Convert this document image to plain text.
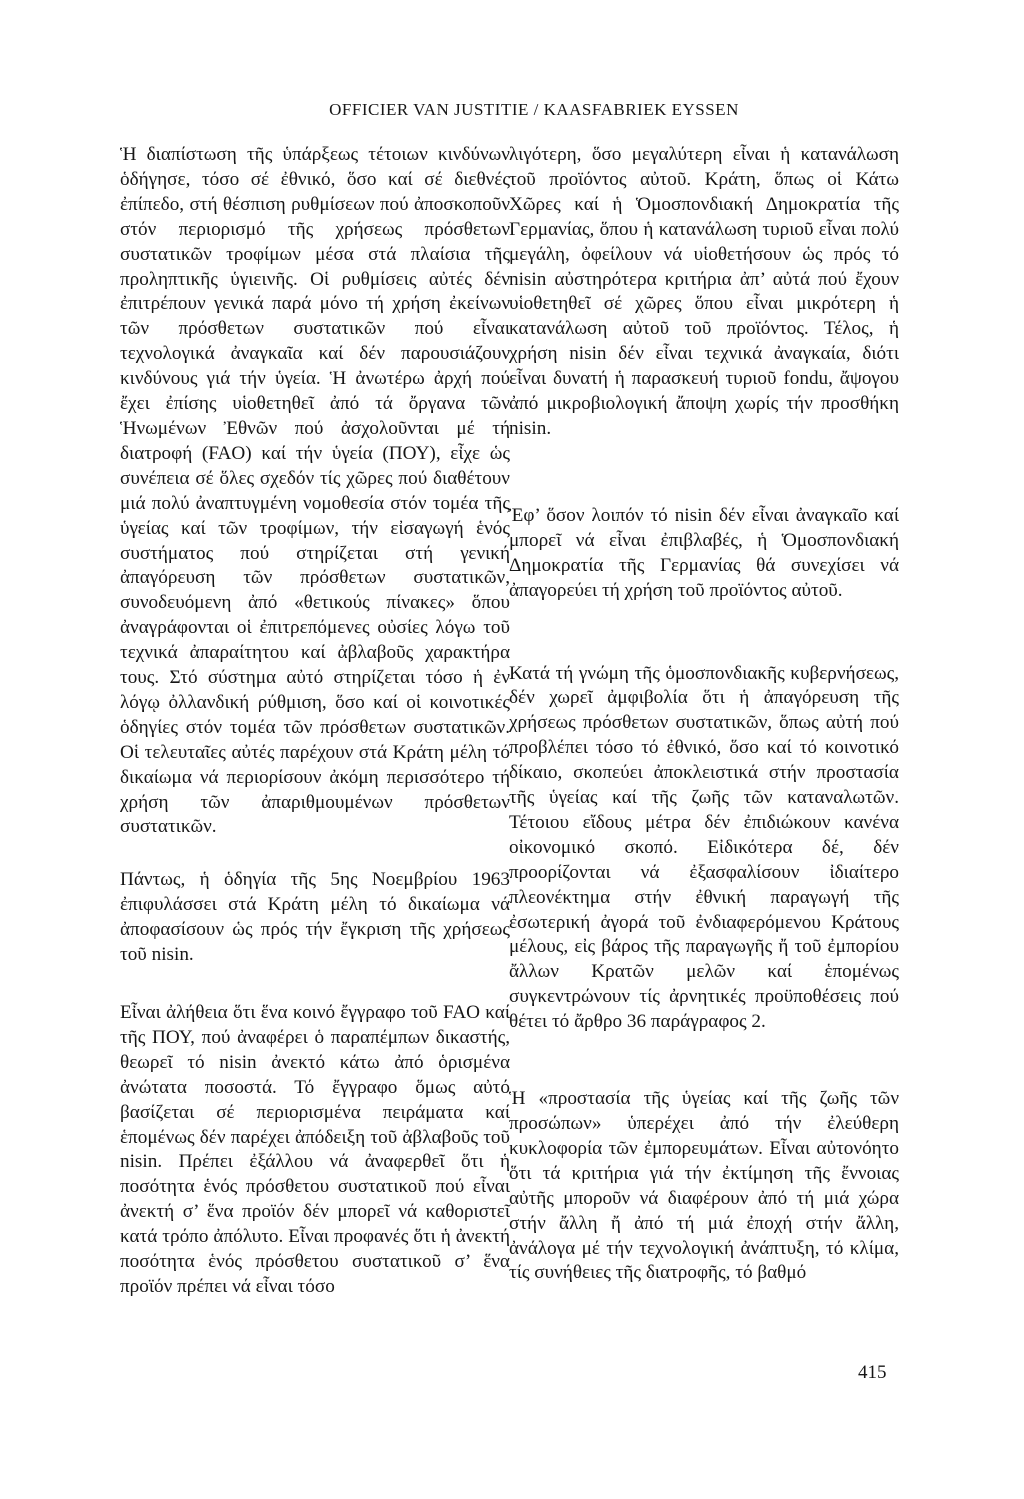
OFFICIER VAN JUSTITIE / KAASFABRIEK EYSSEN

Ἡ διαπίστωση τῆς ὑπάρξεως τέτοιων κινδύνων ὁδήγησε, τόσο σέ ἐθνικό, ὅσο καί σέ διεθνές ἐπίπεδο, στή θέσπιση ρυθμίσεων πού ἀποσκοποῦν στόν περιορισμό τῆς χρήσεως πρόσθετων συστατικῶν τροφίμων μέσα στά πλαίσια τῆς προληπτικῆς ὑγιεινῆς. Οἱ ρυθμίσεις αὐτές δέν ἐπιτρέπουν γενικά παρά μόνο τή χρήση ἐκείνων τῶν πρόσθετων συστατικῶν πού εἶναι τεχνολογικά ἀναγκαῖα καί δέν παρουσιάζουν κινδύνους γιά τήν ὑγεία. Ἡ ἀνωτέρω ἀρχή πού ἔχει ἐπίσης υἱοθετηθεῖ ἀπό τά ὄργανα τῶν Ἡνωμένων Ἐθνῶν πού ἀσχολοῦνται μέ τή διατροφή (FAO) καί τήν ὑγεία (ΠΟΥ), εἶχε ὡς συνέπεια σέ ὅλες σχεδόν τίς χῶρες πού διαθέτουν μιά πολύ ἀναπτυγμένη νομοθεσία στόν τομέα τῆς ὑγείας καί τῶν τροφίμων, τήν εἰσαγωγή ἑνός συστήματος πού στηρίζεται στή γενική ἀπαγόρευση τῶν πρόσθετων συστατικῶν, συνοδευόμενη ἀπό «θετικούς πίνακες» ὅπου ἀναγράφονται οἱ ἐπιτρεπόμενες οὐσίες λόγω τοῦ τεχνικά ἀπαραίτητου καί ἀβλαβοῦς χαρακτήρα τους. Στό σύστημα αὐτό στηρίζεται τόσο ἡ ἐν λόγῳ ὀλλανδική ρύθμιση, ὅσο καί οἱ κοινοτικές ὁδηγίες στόν τομέα τῶν πρόσθετων συστατικῶν. Οἱ τελευταῖες αὐτές παρέχουν στά Κράτη μέλη τό δικαίωμα νά περιορίσουν ἀκόμη περισσότερο τή χρήση τῶν ἀπαριθμουμένων πρόσθετων συστατικῶν.

Πάντως, ἡ ὁδηγία τῆς 5ης Νοεμβρίου 1963 ἐπιφυλάσσει στά Κράτη μέλη τό δικαίωμα νά ἀποφασίσουν ὡς πρός τήν ἔγκριση τῆς χρήσεως τοῦ nisin.

Εἶναι ἀλήθεια ὅτι ἕνα κοινό ἔγγραφο τοῦ FAO καί τῆς ΠΟΥ, πού ἀναφέρει ὁ παραπέμπων δικαστής, θεωρεῖ τό nisin ἀνεκτό κάτω ἀπό ὁρισμένα ἀνώτατα ποσοστά. Τό ἔγγραφο ὅμως αὐτό βασίζεται σέ περιορισμένα πειράματα καί ἑπομένως δέν παρέχει ἀπόδειξη τοῦ ἀβλαβοῦς τοῦ nisin. Πρέπει ἐξάλλου νά ἀναφερθεῖ ὅτι ἡ ποσότητα ἑνός πρόσθετου συστατικοῦ πού εἶναι ἀνεκτή σ’ ἕνα προϊόν δέν μπορεῖ νά καθοριστεῖ κατά τρόπο ἀπόλυτο. Εἶναι προφανές ὅτι ἡ ἀνεκτή ποσότητα ἑνός πρόσθετου συστατικοῦ σ’ ἕνα προϊόν πρέπει νά εἶναι τόσο

λιγότερη, ὅσο μεγαλύτερη εἶναι ἡ κατανάλωση τοῦ προϊόντος αὐτοῦ. Κράτη, ὅπως οἱ Κάτω Χῶρες καί ἡ Ὁμοσπονδιακή Δημοκρατία τῆς Γερμανίας, ὅπου ἡ κατανάλωση τυριοῦ εἶναι πολύ μεγάλη, ὀφείλουν νά υἱοθετήσουν ὡς πρός τό nisin αὐστηρότερα κριτήρια ἀπ’ αὐτά πού ἔχουν υἱοθετηθεῖ σέ χῶρες ὅπου εἶναι μικρότερη ἡ κατανάλωση αὐτοῦ τοῦ προϊόντος. Τέλος, ἡ χρήση nisin δέν εἶναι τεχνικά ἀναγκαία, διότι εἶναι δυνατή ἡ παρασκευή τυριοῦ fondu, ἄψογου ἀπό μικροβιολογική ἄποψη χωρίς τήν προσθήκη nisin.

Ἐφ’ ὅσον λοιπόν τό nisin δέν εἶναι ἀναγκαῖο καί μπορεῖ νά εἶναι ἐπιβλαβές, ἡ Ὁμοσπονδιακή Δημοκρατία τῆς Γερμανίας θά συνεχίσει νά ἀπαγορεύει τή χρήση τοῦ προϊόντος αὐτοῦ.

Κατά τή γνώμη τῆς ὁμοσπονδιακῆς κυβερνήσεως, δέν χωρεῖ ἀμφιβολία ὅτι ἡ ἀπαγόρευση τῆς χρήσεως πρόσθετων συστατικῶν, ὅπως αὐτή πού προβλέπει τόσο τό ἐθνικό, ὅσο καί τό κοινοτικό δίκαιο, σκοπεύει ἀποκλειστικά στήν προστασία τῆς ὑγείας καί τῆς ζωῆς τῶν καταναλωτῶν. Τέτοιου εἴδους μέτρα δέν ἐπιδιώκουν κανένα οἰκονομικό σκοπό. Εἰδικότερα δέ, δέν προορίζονται νά ἐξασφαλίσουν ἰδιαίτερο πλεονέκτημα στήν ἐθνική παραγωγή τῆς ἐσωτερική ἀγορά τοῦ ἐνδιαφερόμενου Κράτους μέλους, εἰς βάρος τῆς παραγωγῆς ἤ τοῦ ἐμπορίου ἄλλων Κρατῶν μελῶν καί ἑπομένως συγκεντρώνουν τίς ἀρνητικές προϋποθέσεις πού θέτει τό ἄρθρο 36 παράγραφος 2.

Ἡ «προστασία τῆς ὑγείας καί τῆς ζωῆς τῶν προσώπων» ὑπερέχει ἀπό τήν ἐλεύθερη κυκλοφορία τῶν ἐμπορευμάτων. Εἶναι αὐτονόητο ὅτι τά κριτήρια γιά τήν ἐκτίμηση τῆς ἔννοιας αὐτῆς μποροῦν νά διαφέρουν ἀπό τή μιά χώρα στήν ἄλλη ἤ ἀπό τή μιά ἐποχή στήν ἄλλη, ἀνάλογα μέ τήν τεχνολογική ἀνάπτυξη, τό κλίμα, τίς συνήθειες τῆς διατροφῆς, τό βαθμό

415
